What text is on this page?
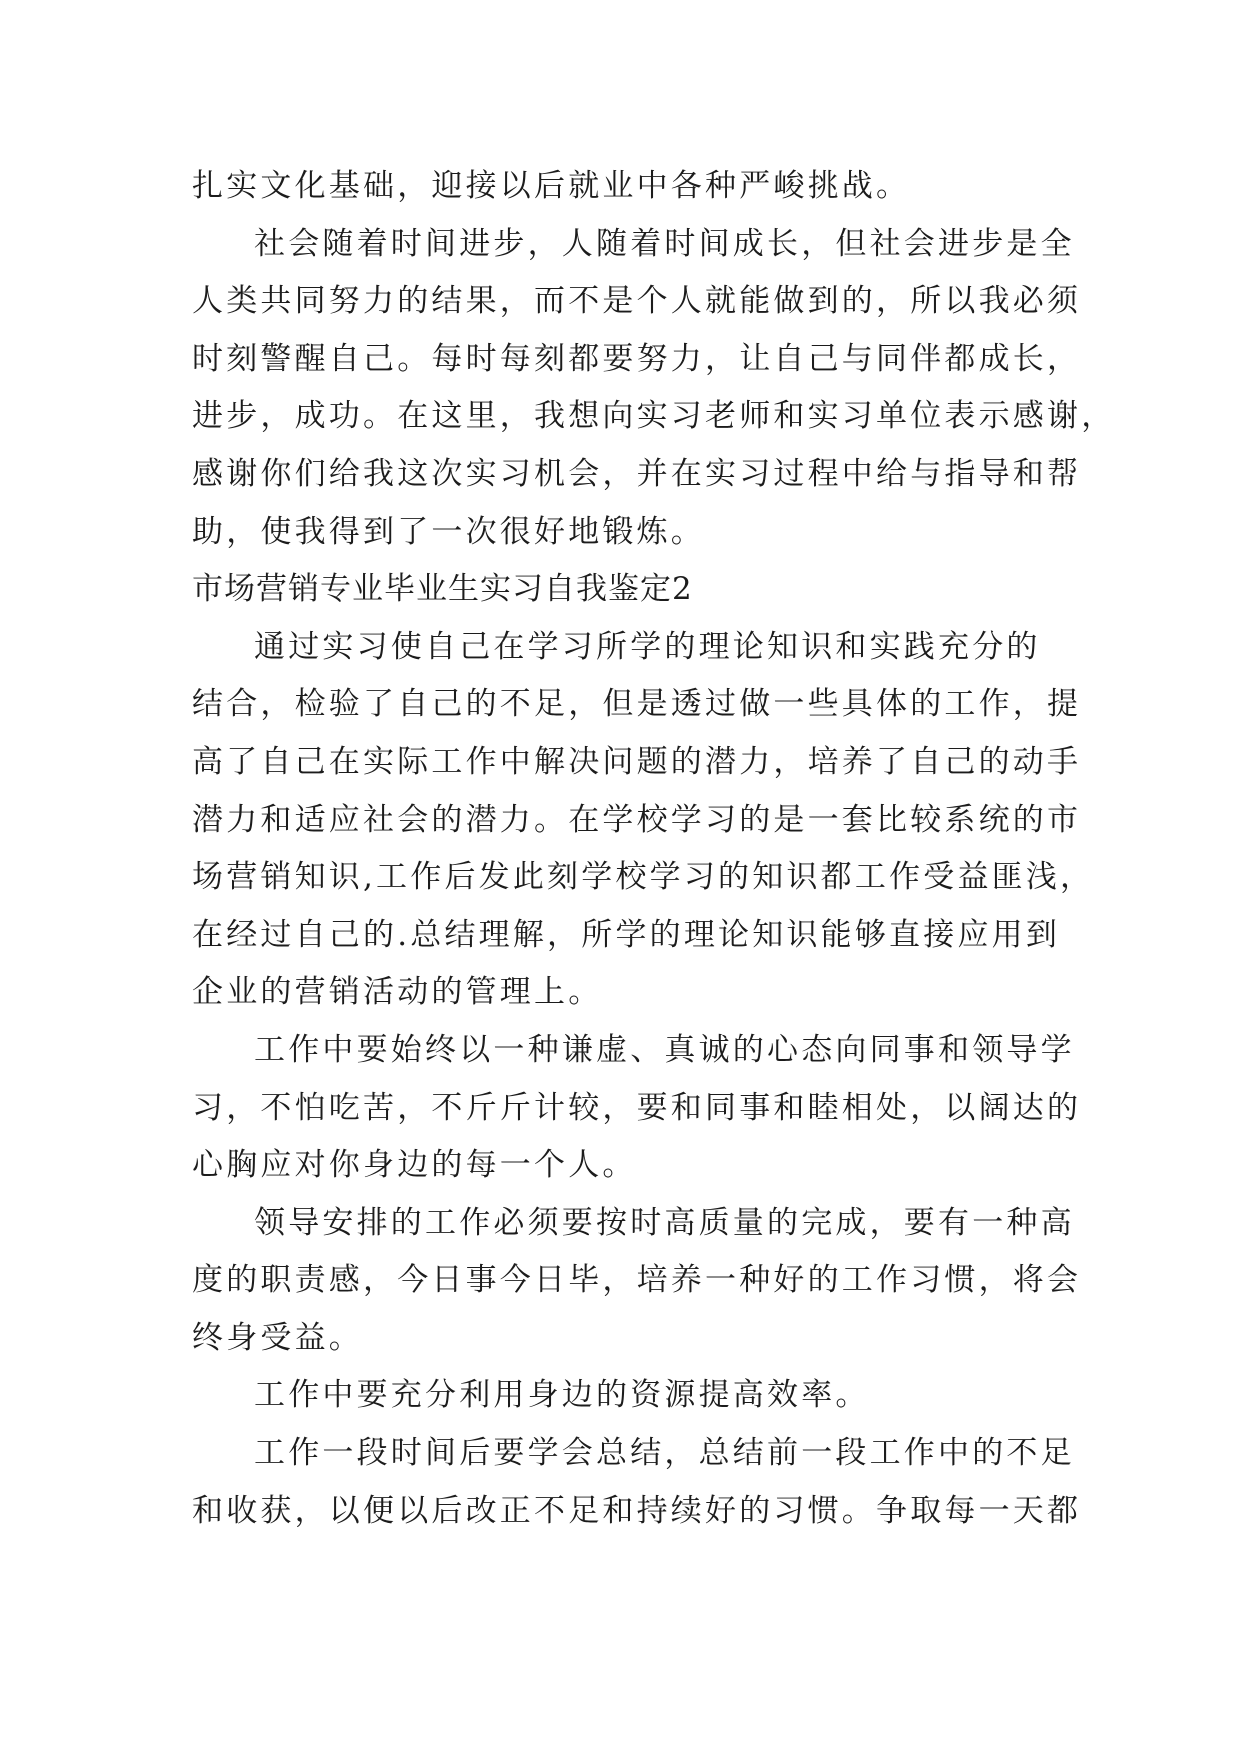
扎实文化基础，迎接以后就业中各种严峻挑战。
社会随着时间进步，人随着时间成长，但社会进步是全
人类共同努力的结果，而不是个人就能做到的，所以我必须
时刻警醒自己。每时每刻都要努力，让自己与同伴都成长，
进步，成功。在这里，我想向实习老师和实习单位表示感谢，
感谢你们给我这次实习机会，并在实习过程中给与指导和帮
助，使我得到了一次很好地锻炼。
市场营销专业毕业生实习自我鉴定2
通过实习使自己在学习所学的理论知识和实践充分的
结合，检验了自己的不足，但是透过做一些具体的工作，提
高了自己在实际工作中解决问题的潜力，培养了自己的动手
潜力和适应社会的潜力。在学校学习的是一套比较系统的市
场营销知识,工作后发此刻学校学习的知识都工作受益匪浅，
在经过自己的.总结理解，所学的理论知识能够直接应用到
企业的营销活动的管理上。
工作中要始终以一种谦虚、真诚的心态向同事和领导学
习，不怕吃苦，不斤斤计较，要和同事和睦相处，以阔达的
心胸应对你身边的每一个人。
领导安排的工作必须要按时高质量的完成，要有一种高
度的职责感，今日事今日毕，培养一种好的工作习惯，将会
终身受益。
工作中要充分利用身边的资源提高效率。
工作一段时间后要学会总结，总结前一段工作中的不足
和收获，以便以后改正不足和持续好的习惯。争取每一天都
